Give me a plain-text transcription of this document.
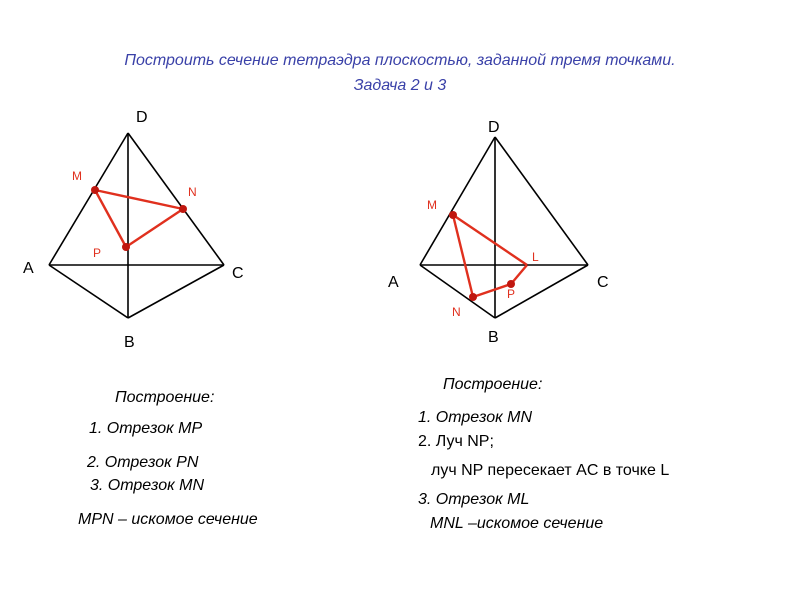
D
A	C
B
M
N
P
D
A	C
B
M
L
P
N
Построить сечение тетраэдра плоскостью, заданной тремя точками.
Задача 2 и 3
Построение:
1. Отрезок МР
2. Отрезок PN
3. Отрезок МN
МРN – искомое сечение
Построение:
1. Отрезок МN
2. Луч NP;
луч NP пересекает AC в точке L
3. Отрезок ML
MNL –искомое сечение
